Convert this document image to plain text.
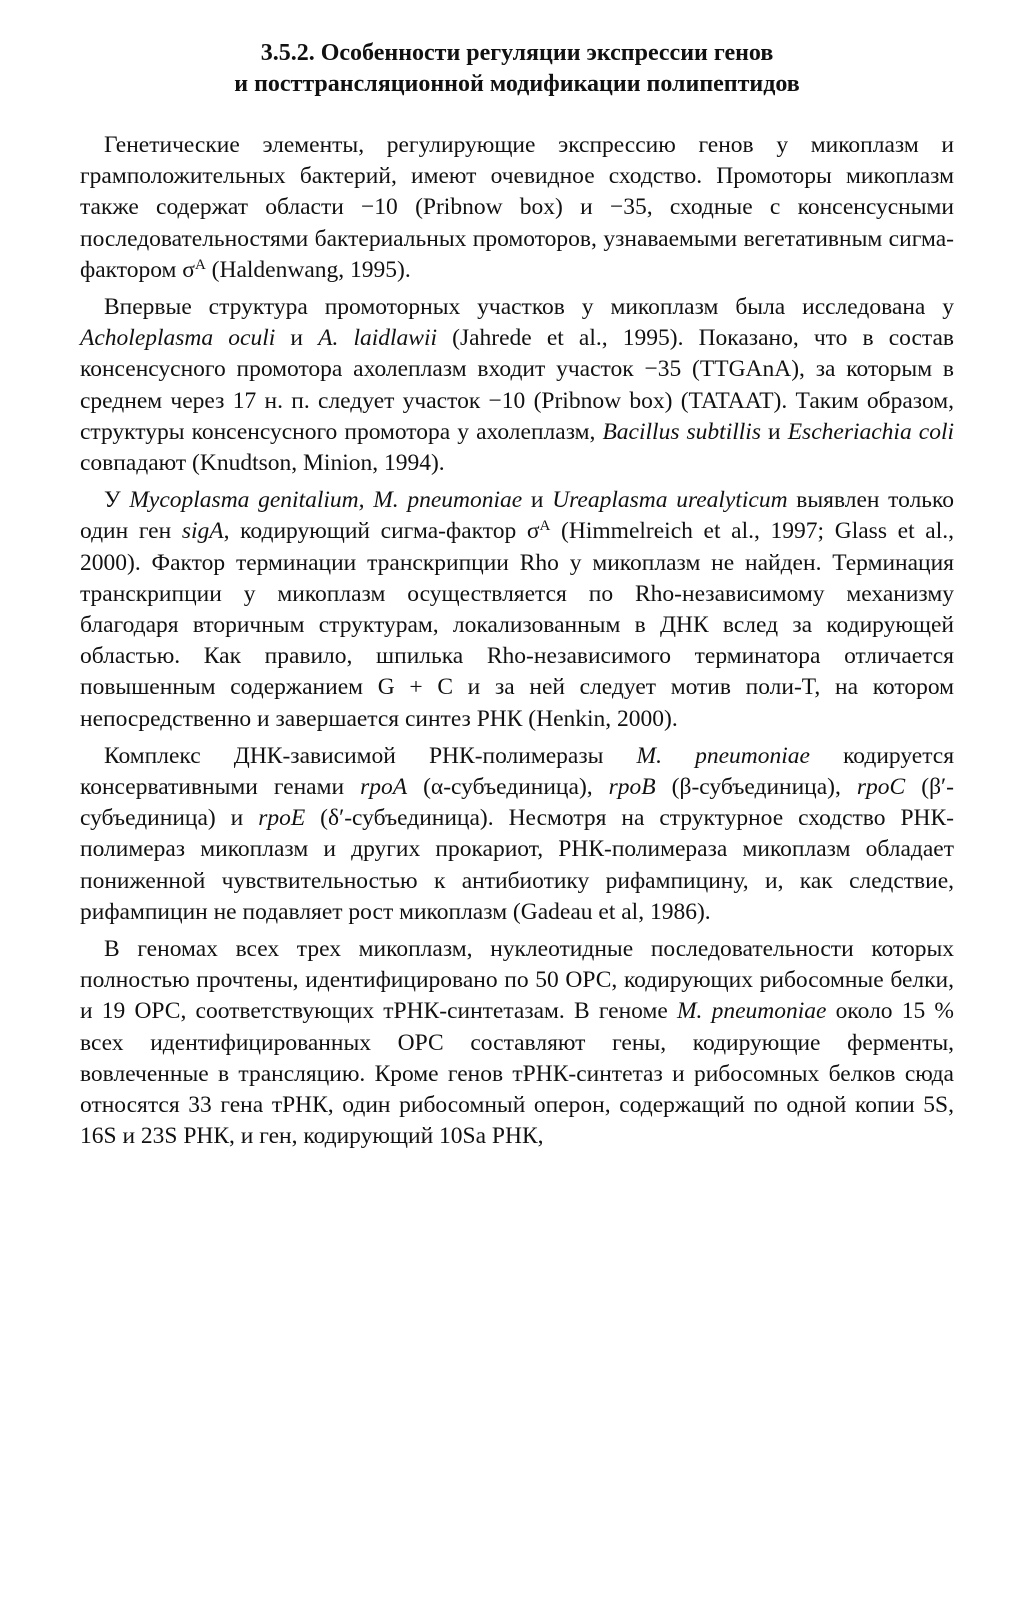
3.5.2. Особенности регуляции экспрессии генов
и посттрансляционной модификации полипептидов

Генетические элементы, регулирующие экспрессию генов у микоплазм и грамположительных бактерий, имеют очевидное сходство. Промоторы микоплазм также содержат области −10 (Pribnow box) и −35, сходные с консенсусными последовательностями бактериальных промоторов, узнаваемыми вегетативным сигма-фактором $\sigma^A$ (Haldenwang, 1995).

Впервые структура промоторных участков у микоплазм была исследована у Acholeplasma oculi и A. laidlawii (Jahrede et al., 1995). Показано, что в состав консенсусного промотора ахолеплазм входит участок −35 (TTGAnA), за которым в среднем через 17 н. п. следует участок −10 (Pribnow box) (TATAAT). Таким образом, структуры консенсусного промотора у ахолеплазм, Bacillus subtillis и Escheriachia coli совпадают (Knudtson, Minion, 1994).

У Mycoplasma genitalium, M. pneumoniae и Ureaplasma urealyticum выявлен только один ген sigA, кодирующий сигма-фактор $\sigma^A$ (Himmelreich et al., 1997; Glass et al., 2000). Фактор терминации транскрипции Rho у микоплазм не найден. Терминация транскрипции у микоплазм осуществляется по Rho-независимому механизму благодаря вторичным структурам, локализованным в ДНК вслед за кодирующей областью. Как правило, шпилька Rho-независимого терминатора отличается повышенным содержанием G + C и за ней следует мотив поли-T, на котором непосредственно и завершается синтез РНК (Henkin, 2000).

Комплекс ДНК-зависимой РНК-полимеразы M. pneumoniae кодируется консервативными генами rpoA (α-субъединица), rpoB (β-субъединица), rpoC (β′-субъединица) и rpoE (δ′-субъединица). Несмотря на структурное сходство РНК-полимераз микоплазм и других прокариот, РНК-полимераза микоплазм обладает пониженной чувствительностью к антибиотику рифампицину, и, как следствие, рифампицин не подавляет рост микоплазм (Gadeau et al, 1986).

В геномах всех трех микоплазм, нуклеотидные последовательности которых полностью прочтены, идентифицировано по 50 ОРС, кодирующих рибосомные белки, и 19 ОРС, соответствующих тРНК-синтетазам. В геноме M. pneumoniae около 15 % всех идентифицированных ОРС составляют гены, кодирующие ферменты, вовлеченные в трансляцию. Кроме генов тРНК-синтетаз и рибосомных белков сюда относятся 33 гена тРНК, один рибосомный оперон, содержащий по одной копии 5S, 16S и 23S РНК, и ген, кодирующий 10Sa РНК,
